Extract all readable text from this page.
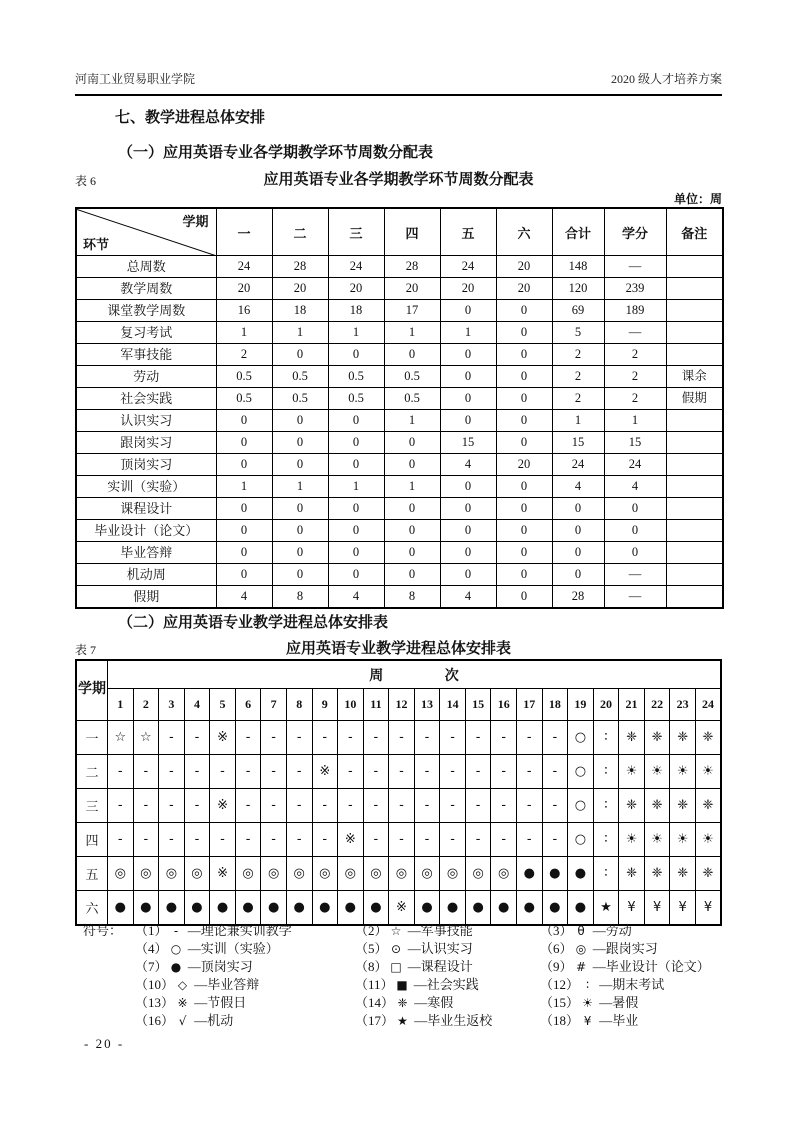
河南工业贸易职业学院	2020 级人才培养方案
七、教学进程总体安排
（一）应用英语专业各学期教学环节周数分配表
表 6	应用英语专业各学期教学环节周数分配表
单位：周
学期
环节	一	二	三	四	五	六	合计	学分	备注
总周数	24	28	24	28	24	20	148	—	
教学周数	20	20	20	20	20	20	120	239	
课堂教学周数	16	18	18	17	0	0	69	189	
复习考试	1	1	1	1	1	0	5	—	
军事技能	2	0	0	0	0	0	2	2	
劳动	0.5	0.5	0.5	0.5	0	0	2	2	课余
社会实践	0.5	0.5	0.5	0.5	0	0	2	2	假期
认识实习	0	0	0	1	0	0	1	1	
跟岗实习	0	0	0	0	15	0	15	15	
顶岗实习	0	0	0	0	4	20	24	24	
实训（实验）	1	1	1	1	0	0	4	4	
课程设计	0	0	0	0	0	0	0	0	
毕业设计（论文）	0	0	0	0	0	0	0	0	
毕业答辩	0	0	0	0	0	0	0	0	
机动周	0	0	0	0	0	0	0	—	
假期	4	8	4	8	4	0	28	—	
（二）应用英语专业教学进程总体安排表
表 7	应用英语专业教学进程总体安排表
学期	周 次																							
	1	2	3	4	5	6	7	8	9	10	11	12	13	14	15	16	17	18	19	20	21	22	23	24
一	☆	☆	-	-	※	-	-	-	-	-	-	-	-	-	-	-	-	-	○	∶	❈	❈	❈	❈
二	-	-	-	-	-	-	-	-	※	-	-	-	-	-	-	-	-	-	○	∶	☀	☀	☀	☀
三	-	-	-	-	※	-	-	-	-	-	-	-	-	-	-	-	-	-	○	∶	❈	❈	❈	❈
四	-	-	-	-	-	-	-	-	-	※	-	-	-	-	-	-	-	-	○	∶	☀	☀	☀	☀
五	◎	◎	◎	◎	※	◎	◎	◎	◎	◎	◎	◎	◎	◎	◎	◎	●	●	●	∶	❈	❈	❈	❈
六	●	●	●	●	●	●	●	●	●	●	●	※	●	●	●	●	●	●	●	★	¥	¥	¥	¥
符号： （1） - —理论兼实训教学	（2） ☆ —军事技能	（3） θ —劳动
（4） ○ —实训（实验）	（5） ⊙ —认识实习	（6） ◎ —跟岗实习
（7） ● —顶岗实习	（8） □ —课程设计	（9） # —毕业设计（论文）
（10） ◇ —毕业答辩	（11） ■ —社会实践	（12） ∶ —期末考试
（13） ※ —节假日	（14） ❈ —寒假	（15） ☀ —暑假
（16） √ —机动	（17） ★ —毕业生返校	（18） ¥ —毕业
- 20 -
